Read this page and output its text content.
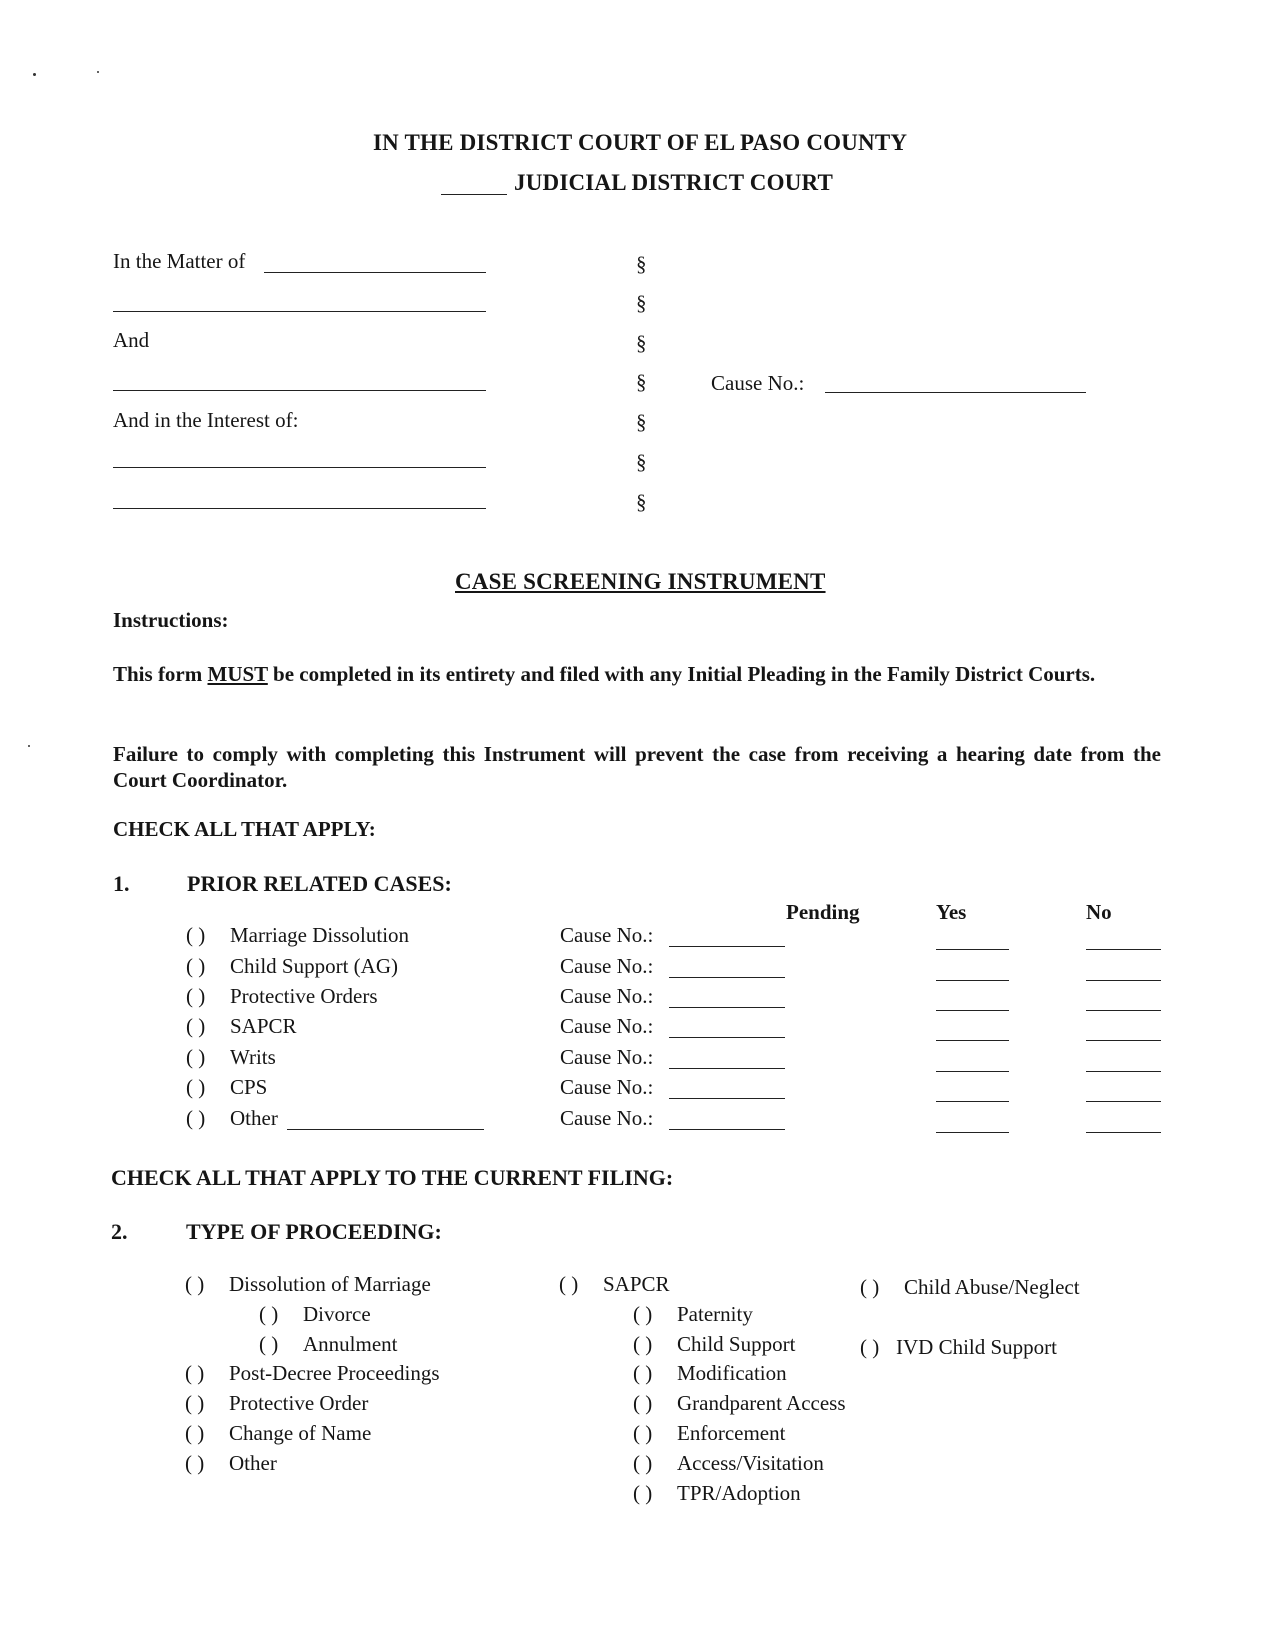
IN THE DISTRICT COURT OF EL PASO COUNTY
JUDICIAL DISTRICT COURT
In the Matter of
And
And in the Interest of:
§
§
§
§
§
§
§
Cause No.:
CASE SCREENING INSTRUMENT
Instructions:
This form MUST be completed in its entirety and filed with any Initial Pleading in the Family District Courts.
Failure to comply with completing this Instrument will prevent the case from receiving a hearing date from the Court Coordinator.
CHECK ALL THAT APPLY:
1.	PRIOR RELATED CASES:
Pending	Yes	No
( ) Marriage Dissolution	Cause No.:
( ) Child Support (AG)	Cause No.:
( ) Protective Orders	Cause No.:
( ) SAPCR	Cause No.:
( ) Writs	Cause No.:
( ) CPS	Cause No.:
( ) Other	Cause No.:
CHECK ALL THAT APPLY TO THE CURRENT FILING:
2.	TYPE OF PROCEEDING:
( ) Dissolution of Marriage
( ) Divorce
( ) Annulment
( ) Post-Decree Proceedings
( ) Protective Order
( ) Change of Name
( ) Other
( ) SAPCR
( ) Paternity
( ) Child Support
( ) Modification
( ) Grandparent Access
( ) Enforcement
( ) Access/Visitation
( ) TPR/Adoption
( ) Child Abuse/Neglect
( ) IVD Child Support
